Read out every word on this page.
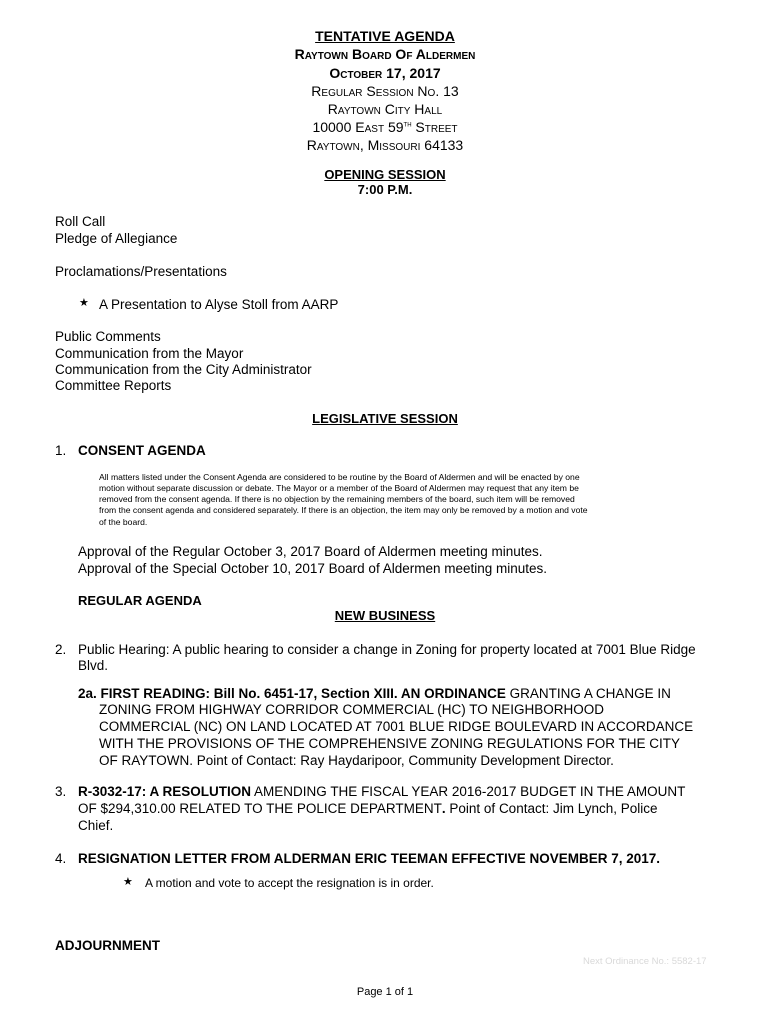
TENTATIVE AGENDA
Raytown Board Of Aldermen
October 17, 2017
Regular Session No. 13
Raytown City Hall
10000 East 59th Street
Raytown, Missouri 64133
OPENING SESSION
7:00 P.M.
Roll Call
Pledge of Allegiance
Proclamations/Presentations
★ A Presentation to Alyse Stoll from AARP
Public Comments
Communication from the Mayor
Communication from the City Administrator
Committee Reports
LEGISLATIVE SESSION
1. CONSENT AGENDA
All matters listed under the Consent Agenda are considered to be routine by the Board of Aldermen and will be enacted by one
motion without separate discussion or debate. The Mayor or a member of the Board of Aldermen may request that any item be
removed from the consent agenda. If there is no objection by the remaining members of the board, such item will be removed
from the consent agenda and considered separately. If there is an objection, the item may only be removed by a motion and vote
of the board.
Approval of the Regular October 3, 2017 Board of Aldermen meeting minutes.
Approval of the Special October 10, 2017 Board of Aldermen meeting minutes.
REGULAR AGENDA
NEW BUSINESS
2. Public Hearing: A public hearing to consider a change in Zoning for property located at 7001 Blue Ridge
Blvd.
2a. FIRST READING: Bill No. 6451-17, Section XIII. AN ORDINANCE GRANTING A CHANGE IN
ZONING FROM HIGHWAY CORRIDOR COMMERCIAL (HC) TO NEIGHBORHOOD
COMMERCIAL (NC) ON LAND LOCATED AT 7001 BLUE RIDGE BOULEVARD IN ACCORDANCE
WITH THE PROVISIONS OF THE COMPREHENSIVE ZONING REGULATIONS FOR THE CITY
OF RAYTOWN. Point of Contact: Ray Haydaripoor, Community Development Director.
3. R-3032-17: A RESOLUTION AMENDING THE FISCAL YEAR 2016-2017 BUDGET IN THE AMOUNT
OF $294,310.00 RELATED TO THE POLICE DEPARTMENT. Point of Contact: Jim Lynch, Police
Chief.
4. RESIGNATION LETTER FROM ALDERMAN ERIC TEEMAN EFFECTIVE NOVEMBER 7, 2017.
★ A motion and vote to accept the resignation is in order.
ADJOURNMENT
Next Ordinance No.: 5582-17
Page 1 of 1
